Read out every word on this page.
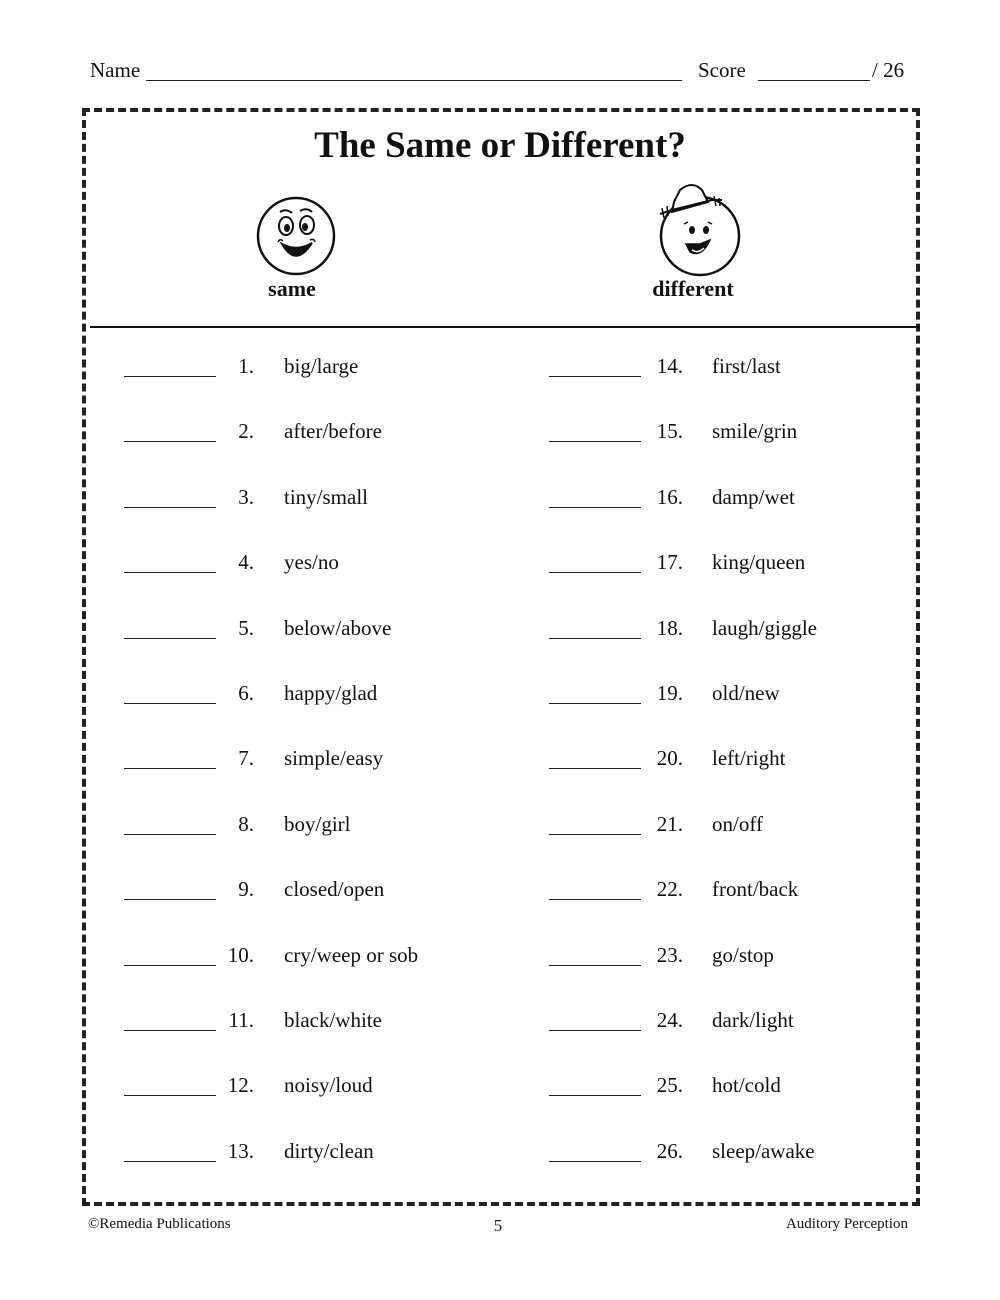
Name	Score	/ 26
The Same or Different?
same	different
1. big/large
2. after/before
3. tiny/small
4. yes/no
5. below/above
6. happy/glad
7. simple/easy
8. boy/girl
9. closed/open
10. cry/weep or sob
11. black/white
12. noisy/loud
13. dirty/clean
14. first/last
15. smile/grin
16. damp/wet
17. king/queen
18. laugh/giggle
19. old/new
20. left/right
21. on/off
22. front/back
23. go/stop
24. dark/light
25. hot/cold
26. sleep/awake
©Remedia Publications	5	Auditory Perception
